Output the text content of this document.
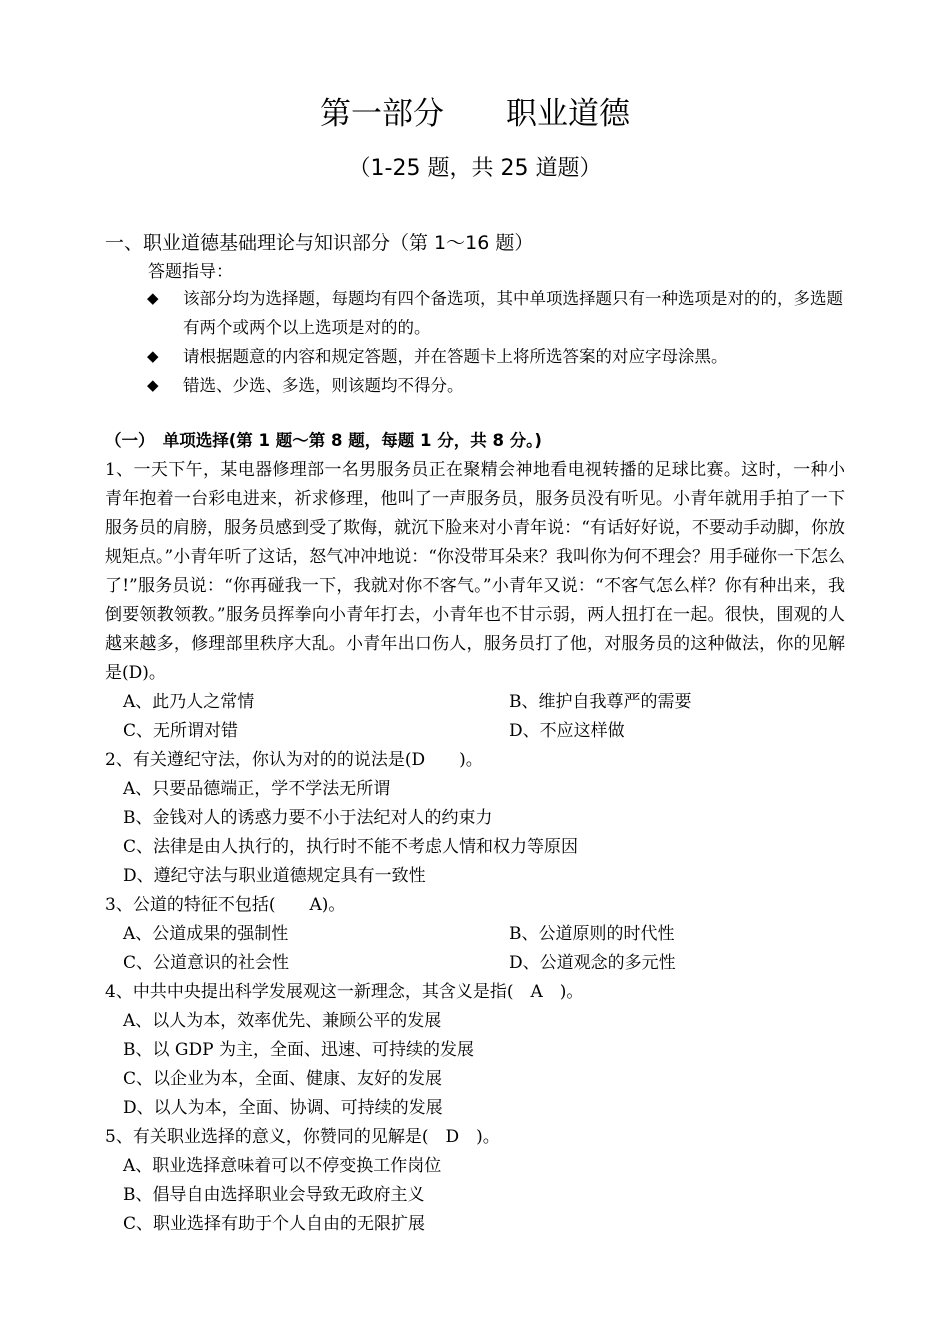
第一部分　　职业道德
（1-25 题，共 25 道题）
一、职业道德基础理论与知识部分（第 1～16 题）
答题指导：
◆ 该部分均为选择题，每题均有四个备选项，其中单项选择题只有一种选项是对的的，多选题有两个或两个以上选项是对的的。
◆ 请根据题意的内容和规定答题，并在答题卡上将所选答案的对应字母涂黑。
◆ 错选、少选、多选，则该题均不得分。
（一）　单项选择(第 1 题～第 8 题，每题 1 分，共 8 分。)

1、一天下午，某电器修理部一名男服务员正在聚精会神地看电视转播的足球比赛。这时，一种小青年抱着一台彩电进来，祈求修理，他叫了一声服务员，服务员没有听见。小青年就用手拍了一下服务员的肩膀，服务员感到受了欺侮，就沉下脸来对小青年说：“有话好好说，不要动手动脚，你放规矩点。”小青年听了这话，怒气冲冲地说：“你没带耳朵来？我叫你为何不理会？用手碰你一下怎么了!”服务员说：“你再碰我一下，我就对你不客气。”小青年又说：“不客气怎么样？你有种出来，我倒要领教领教。”服务员挥拳向小青年打去，小青年也不甘示弱，两人扭打在一起。很快，围观的人越来越多，修理部里秩序大乱。小青年出口伤人，服务员打了他，对服务员的这种做法，你的见解是(D)。

A、此乃人之常情	B、维护自我尊严的需要

C、无所谓对错	D、不应这样做

2、有关遵纪守法，你认为对的的说法是(D　　)。

A、只要品德端正，学不学法无所谓

B、金钱对人的诱惑力要不小于法纪对人的约束力

C、法律是由人执行的，执行时不能不考虑人情和权力等原因

D、遵纪守法与职业道德规定具有一致性

3、公道的特征不包括(　　A)。

A、公道成果的强制性	B、公道原则的时代性

C、公道意识的社会性	D、公道观念的多元性

4、中共中央提出科学发展观这一新理念，其含义是指(　A　)。

A、以人为本，效率优先、兼顾公平的发展

B、以 GDP 为主，全面、迅速、可持续的发展

C、以企业为本，全面、健康、友好的发展

D、以人为本，全面、协调、可持续的发展

5、有关职业选择的意义，你赞同的见解是(　D　)。

A、职业选择意味着可以不停变换工作岗位

B、倡导自由选择职业会导致无政府主义

C、职业选择有助于个人自由的无限扩展
